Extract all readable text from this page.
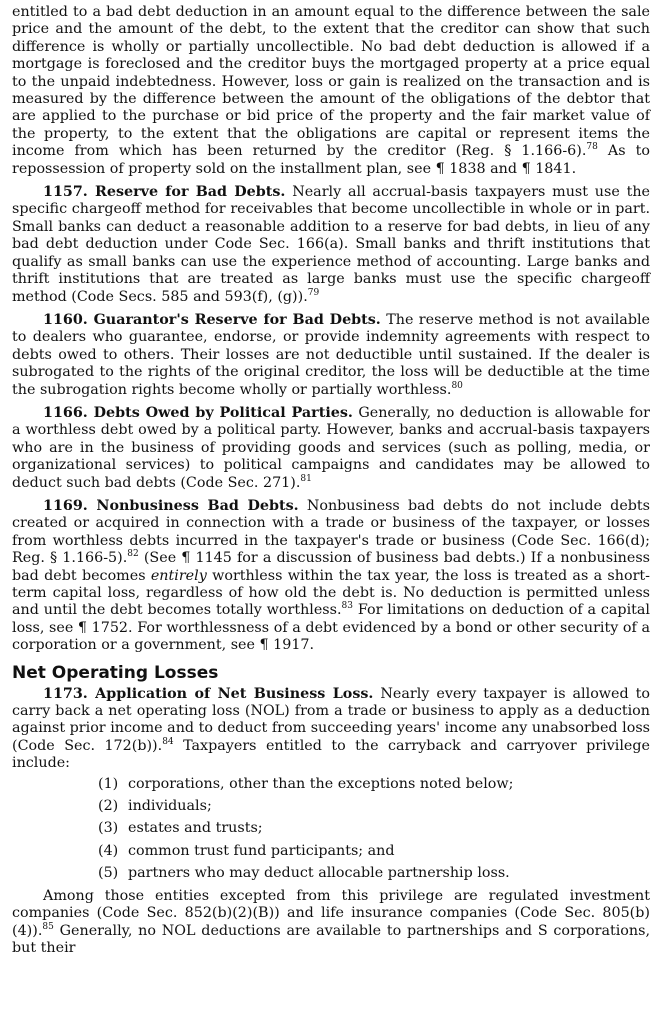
entitled to a bad debt deduction in an amount equal to the difference between the sale price and the amount of the debt, to the extent that the creditor can show that such difference is wholly or partially uncollectible. No bad debt deduction is allowed if a mortgage is foreclosed and the creditor buys the mortgaged property at a price equal to the unpaid indebtedness. However, loss or gain is realized on the transaction and is measured by the difference between the amount of the obligations of the debtor that are applied to the purchase or bid price of the property and the fair market value of the property, to the extent that the obligations are capital or represent items the income from which has been returned by the creditor (Reg. § 1.166-6).$^{78}$ As to repossession of property sold on the installment plan, see ¶ 1838 and ¶ 1841.

1157. Reserve for Bad Debts. Nearly all accrual-basis taxpayers must use the specific chargeoff method for receivables that become uncollectible in whole or in part. Small banks can deduct a reasonable addition to a reserve for bad debts, in lieu of any bad debt deduction under Code Sec. 166(a). Small banks and thrift institutions that qualify as small banks can use the experience method of accounting. Large banks and thrift institutions that are treated as large banks must use the specific chargeoff method (Code Secs. 585 and 593(f), (g)).$^{79}$

1160. Guarantor's Reserve for Bad Debts. The reserve method is not available to dealers who guarantee, endorse, or provide indemnity agreements with respect to debts owed to others. Their losses are not deductible until sustained. If the dealer is subrogated to the rights of the original creditor, the loss will be deductible at the time the subrogation rights become wholly or partially worthless.$^{80}$

1166. Debts Owed by Political Parties. Generally, no deduction is allowable for a worthless debt owed by a political party. However, banks and accrual-basis taxpayers who are in the business of providing goods and services (such as polling, media, or organizational services) to political campaigns and candidates may be allowed to deduct such bad debts (Code Sec. 271).$^{81}$

1169. Nonbusiness Bad Debts. Nonbusiness bad debts do not include debts created or acquired in connection with a trade or business of the taxpayer, or losses from worthless debts incurred in the taxpayer's trade or business (Code Sec. 166(d); Reg. § 1.166-5).$^{82}$ (See ¶ 1145 for a discussion of business bad debts.) If a nonbusiness bad debt becomes entirely worthless within the tax year, the loss is treated as a short-term capital loss, regardless of how old the debt is. No deduction is permitted unless and until the debt becomes totally worthless.$^{83}$ For limitations on deduction of a capital loss, see ¶ 1752. For worthlessness of a debt evidenced by a bond or other security of a corporation or a government, see ¶ 1917.

Net Operating Losses

1173. Application of Net Business Loss. Nearly every taxpayer is allowed to carry back a net operating loss (NOL) from a trade or business to apply as a deduction against prior income and to deduct from succeeding years' income any unabsorbed loss (Code Sec. 172(b)).$^{84}$ Taxpayers entitled to the carryback and carryover privilege include:

(1) corporations, other than the exceptions noted below;
(2) individuals;
(3) estates and trusts;
(4) common trust fund participants; and
(5) partners who may deduct allocable partnership loss.

Among those entities excepted from this privilege are regulated investment companies (Code Sec. 852(b)(2)(B)) and life insurance companies (Code Sec. 805(b)(4)).$^{85}$ Generally, no NOL deductions are available to partnerships and S corporations, but their
